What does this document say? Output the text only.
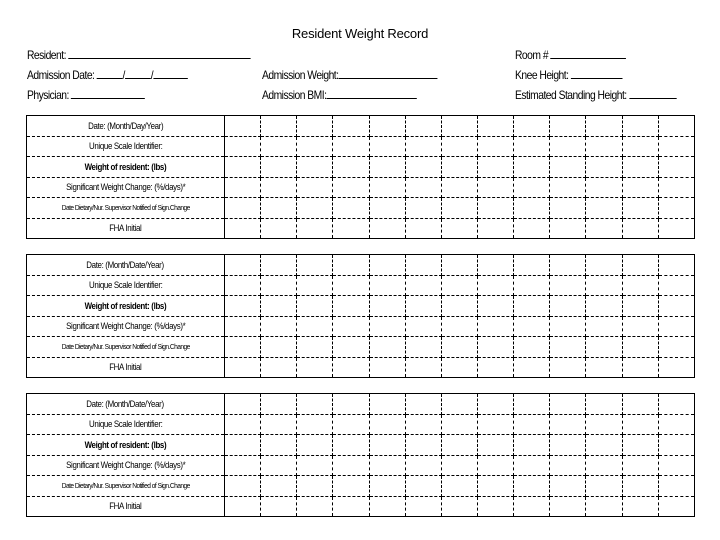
Resident Weight Record
Resident:	Room #
Admission Date: / /	Admission Weight:	Knee Height:
Physician:	Admission BMI:	Estimated Standing Height:
Date: (Month/Day/Year)													
Unique Scale Identifier:													
Weight of resident: (lbs)													
Significant Weight Change: (%/days)*													
Date Dietary/Nur. Supervisor Notified of Sign.Change													
FHA Initial													
Date: (Month/Date/Year)													
Unique Scale Identifier:													
Weight of resident: (lbs)													
Significant Weight Change: (%/days)*													
Date Dietary/Nur. Supervisor Notified of Sign.Change													
FHA Initial													
Date: (Month/Date/Year)													
Unique Scale Identifier:													
Weight of resident: (lbs)													
Significant Weight Change: (%/days)*													
Date Dietary/Nur. Supervisor Notified of Sign.Change													
FHA Initial													
